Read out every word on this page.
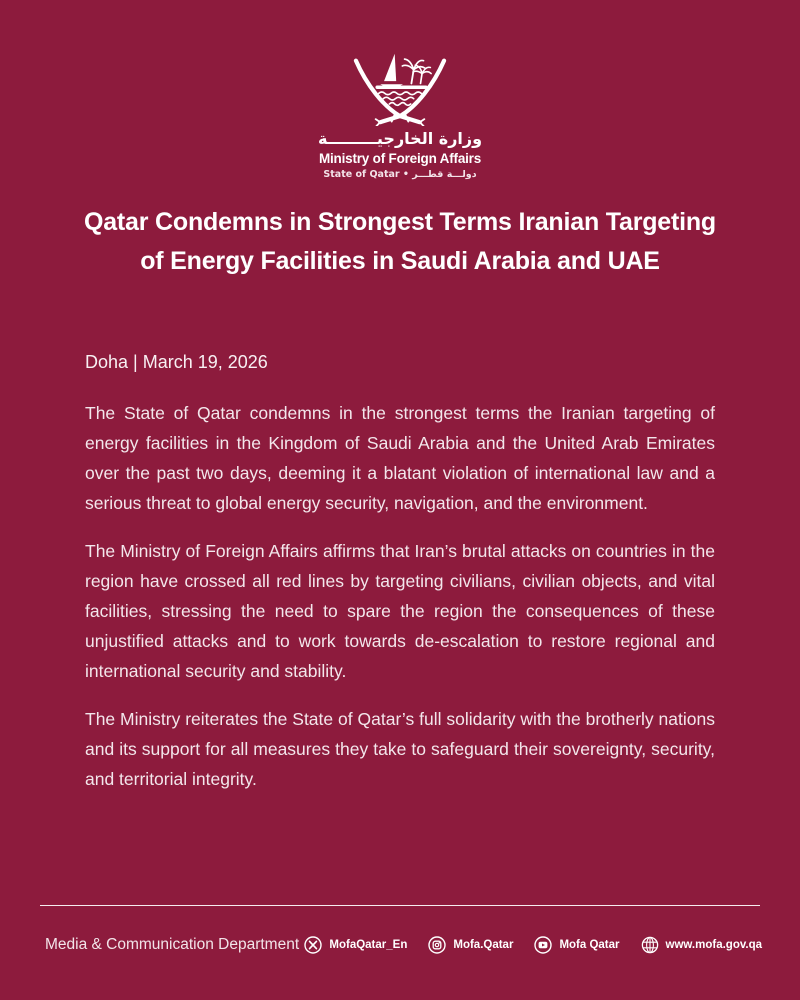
وزارة الخارجيـــــــــة
Ministry of Foreign Affairs
State of Qatar • دولـــة قطـــر
Qatar Condemns in Strongest Terms Iranian Targeting of Energy Facilities in Saudi Arabia and UAE
Doha | March 19, 2026

The State of Qatar condemns in the strongest terms the Iranian targeting of energy facilities in the Kingdom of Saudi Arabia and the United Arab Emirates over the past two days, deeming it a blatant violation of international law and a serious threat to global energy security, navigation, and the environment.

The Ministry of Foreign Affairs affirms that Iran’s brutal attacks on countries in the region have crossed all red lines by targeting civilians, civilian objects, and vital facilities, stressing the need to spare the region the consequences of these unjustified attacks and to work towards de-escalation to restore regional and international security and stability.

The Ministry reiterates the State of Qatar’s full solidarity with the brotherly nations and its support for all measures they take to safeguard their sovereignty, security, and territorial integrity.

Media & Communication Department	MofaQatar_En	Mofa.Qatar	Mofa Qatar	www.mofa.gov.qa
